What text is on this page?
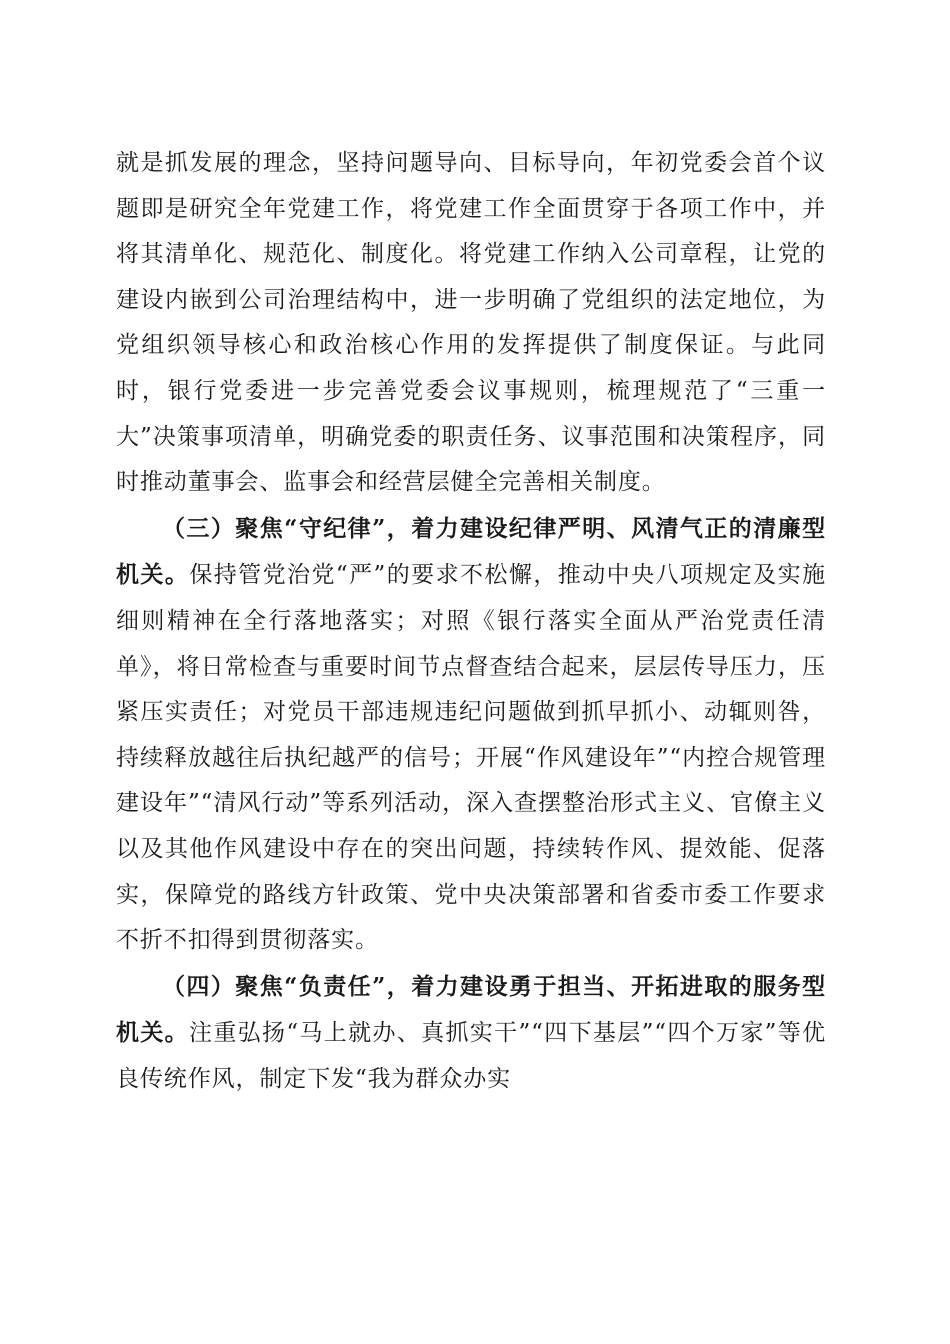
就是抓发展的理念，坚持问题导向、目标导向，年初党委会首个议题即是研究全年党建工作，将党建工作全面贯穿于各项工作中，并将其清单化、规范化、制度化。将党建工作纳入公司章程，让党的建设内嵌到公司治理结构中，进一步明确了党组织的法定地位，为党组织领导核心和政治核心作用的发挥提供了制度保证。与此同时，银行党委进一步完善党委会议事规则，梳理规范了“三重一大”决策事项清单，明确党委的职责任务、议事范围和决策程序，同时推动董事会、监事会和经营层健全完善相关制度。

（三）聚焦“守纪律”，着力建设纪律严明、风清气正的清廉型机关。保持管党治党“严”的要求不松懈，推动中央八项规定及实施细则精神在全行落地落实；对照《银行落实全面从严治党责任清单》，将日常检查与重要时间节点督查结合起来，层层传导压力，压紧压实责任；对党员干部违规违纪问题做到抓早抓小、动辄则咎，持续释放越往后执纪越严的信号；开展“作风建设年”“内控合规管理建设年”“清风行动”等系列活动，深入查摆整治形式主义、官僚主义以及其他作风建设中存在的突出问题，持续转作风、提效能、促落实，保障党的路线方针政策、党中央决策部署和省委市委工作要求不折不扣得到贯彻落实。

（四）聚焦“负责任”，着力建设勇于担当、开拓进取的服务型机关。注重弘扬“马上就办、真抓实干”“四下基层”“四个万家”等优良传统作风，制定下发“我为群众办实
